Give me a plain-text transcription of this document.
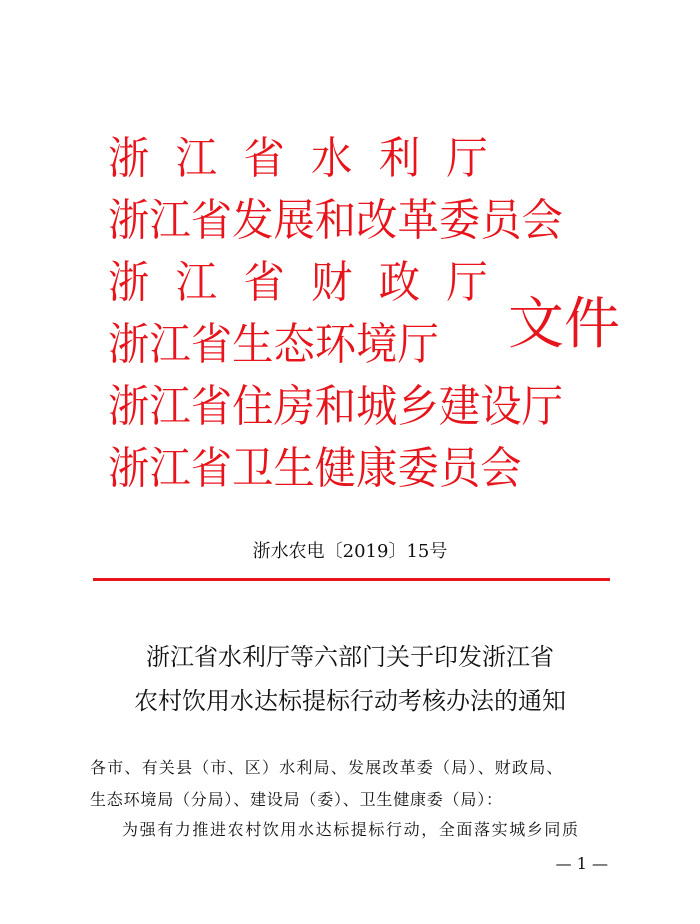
浙江省水利厅
浙江省发展和改革委员会
浙江省财政厅
浙江省生态环境厅
浙江省住房和城乡建设厅
浙江省卫生健康委员会
文件
浙水农电〔2019〕15号
浙江省水利厅等六部门关于印发浙江省
农村饮用水达标提标行动考核办法的通知
各市、有关县（市、区）水利局、发展改革委（局）、财政局、
生态环境局（分局）、建设局（委）、卫生健康委（局）：
为强有力推进农村饮用水达标提标行动，全面落实城乡同质
— 1 —
